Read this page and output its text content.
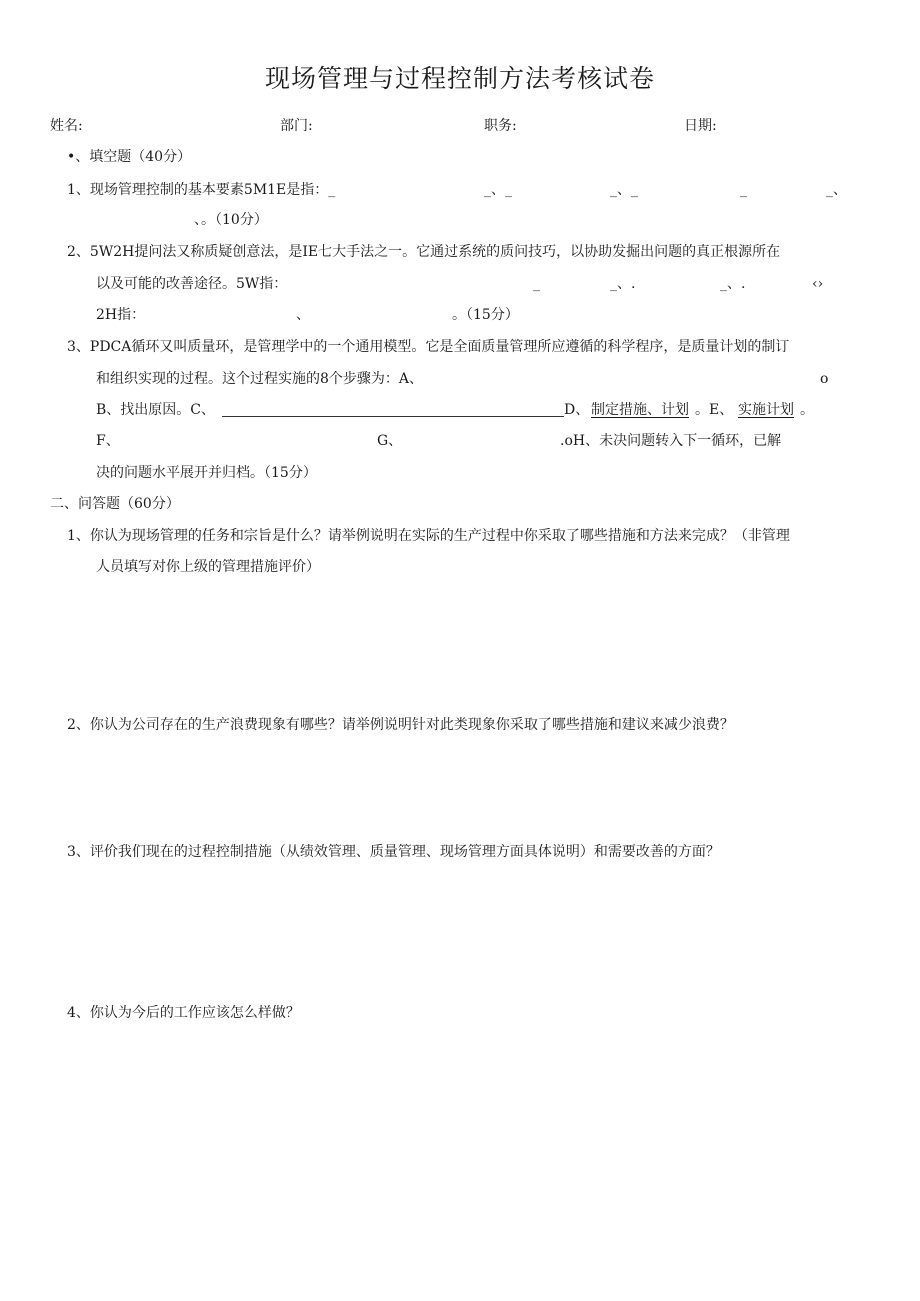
现场管理与过程控制方法考核试卷
姓名:	部门:	职务:	日期:
•、填空题（40分）
1、现场管理控制的基本要素5M1E是指：_	_、_	_、_	_	_、
、。（10分）
2、5W2H提问法又称质疑创意法，是IE七大手法之一。它通过系统的质问技巧，以协助发掘出问题的真正根源所在
以及可能的改善途径。5W指：	_	_、.	_、.	‹›
2H指：	、	。（15分）
3、PDCA循环又叫质量环，是管理学中的一个通用模型。它是全面质量管理所应遵循的科学程序，是质量计划的制订
和组织实现的过程。这个过程实施的8个步骤为：A、	o
B、找出原因。C、	D、 制定措施、计划 。E、 实施计划 。
F、	G、	.oH、未决问题转入下一循环，已解
决的问题水平展开并归档。（15分）
二、问答题（60分）
1、你认为现场管理的任务和宗旨是什么？请举例说明在实际的生产过程中你采取了哪些措施和方法来完成？（非管理
人员填写对你上级的管理措施评价）
2、你认为公司存在的生产浪费现象有哪些？请举例说明针对此类现象你采取了哪些措施和建议来减少浪费？
3、评价我们现在的过程控制措施（从绩效管理、质量管理、现场管理方面具体说明）和需要改善的方面？
4、你认为今后的工作应该怎么样做？
